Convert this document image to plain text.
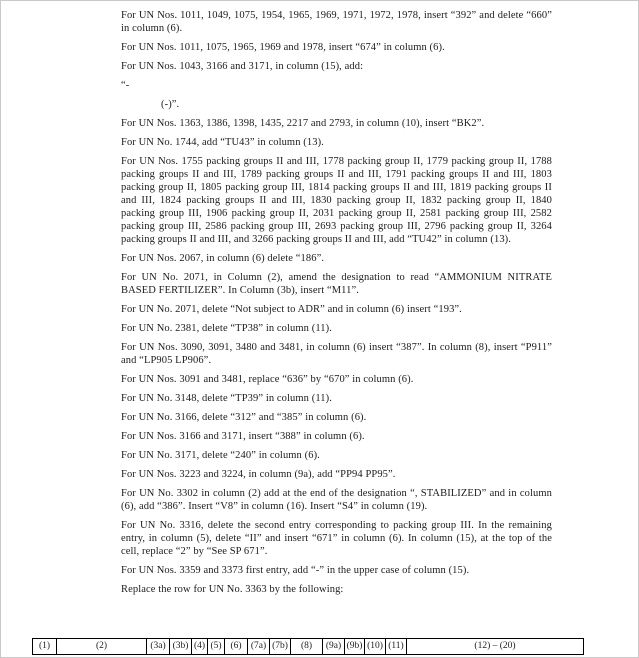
For UN Nos. 1011, 1049, 1075, 1954, 1965, 1969, 1971, 1972, 1978, insert “392” and delete “660” in column (6).

For UN Nos. 1011, 1075, 1965, 1969 and 1978, insert “674” in column (6).

For UN Nos. 1043, 3166 and 3171, in column (15), add:

“-

(-)”.

For UN Nos. 1363, 1386, 1398, 1435, 2217 and 2793, in column (10), insert “BK2”.

For UN No. 1744, add “TU43” in column (13).

For UN Nos. 1755 packing groups II and III, 1778 packing group II, 1779 packing group II, 1788 packing groups II and III, 1789 packing groups II and III, 1791 packing groups II and III, 1803 packing group II, 1805 packing group III, 1814 packing groups II and III, 1819 packing groups II and III, 1824 packing groups II and III, 1830 packing group II, 1832 packing group II, 1840 packing group III, 1906 packing group II, 2031 packing group II, 2581 packing group III, 2582 packing group III, 2586 packing group III, 2693 packing group III, 2796 packing group II, 3264 packing groups II and III, and 3266 packing groups II and III, add “TU42” in column (13).

For UN Nos. 2067, in column (6) delete “186”.

For UN No. 2071, in Column (2), amend the designation to read “AMMONIUM NITRATE BASED FERTILIZER”. In Column (3b), insert “M11”.

For UN No. 2071, delete “Not subject to ADR” and in column (6) insert “193”.

For UN No. 2381, delete “TP38” in column (11).

For UN Nos. 3090, 3091, 3480 and 3481, in column (6) insert “387”. In column (8), insert “P911” and “LP905 LP906”.

For UN Nos. 3091 and 3481, replace “636” by “670” in column (6).

For UN No. 3148, delete “TP39” in column (11).

For UN No. 3166, delete “312” and “385” in column (6).

For UN Nos. 3166 and 3171, insert “388” in column (6).

For UN No. 3171, delete “240” in column (6).

For UN Nos. 3223 and 3224, in column (9a), add “PP94 PP95”.

For UN No. 3302 in column (2) add at the end of the designation “, STABILIZED” and in column (6), add “386”. Insert “V8” in column (16). Insert “S4” in column (19).

For UN No. 3316, delete the second entry corresponding to packing group III. In the remaining entry, in column (5), delete “II” and insert “671” in column (6). In column (15), at the top of the cell, replace “2” by “See SP 671”.

For UN Nos. 3359 and 3373 first entry, add “-” in the upper case of column (15).

Replace the row for UN No. 3363 by the following:

(1)	(2)	(3a)	(3b)	(4)	(5)	(6)	(7a)	(7b)	(8)	(9a)	(9b)	(10)	(11)	(12) – (20)
